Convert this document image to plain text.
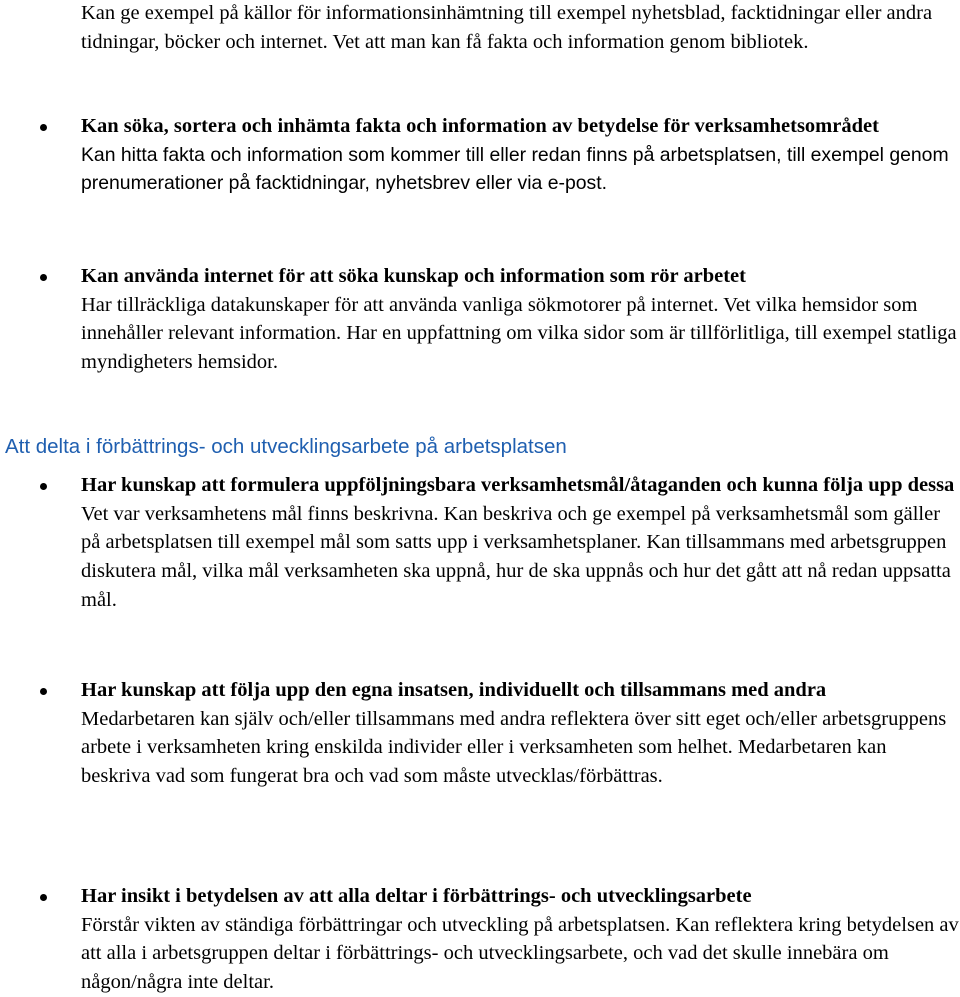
Kan ge exempel på källor för informationsinhämtning till exempel nyhetsblad, facktidningar eller andra tidningar, böcker och internet. Vet att man kan få fakta och information genom bibliotek.

Kan söka, sortera och inhämta fakta och information av betydelse för verksamhetsområdet

Kan hitta fakta och information som kommer till eller redan finns på arbetsplatsen, till exempel genom prenumerationer på facktidningar, nyhetsbrev eller via e-post.

Kan använda internet för att söka kunskap och information som rör arbetet

Har tillräckliga datakunskaper för att använda vanliga sökmotorer på internet. Vet vilka hemsidor som innehåller relevant information. Har en uppfattning om vilka sidor som är tillförlitliga, till exempel statliga myndigheters hemsidor.

Att delta i förbättrings- och utvecklingsarbete på arbetsplatsen

Har kunskap att formulera uppföljningsbara verksamhetsmål/åtaganden och kunna följa upp dessa

Vet var verksamhetens mål finns beskrivna. Kan beskriva och ge exempel på verksamhetsmål som gäller på arbetsplatsen till exempel mål som satts upp i verksamhetsplaner. Kan tillsammans med arbetsgruppen diskutera mål, vilka mål verksamheten ska uppnå, hur de ska uppnås och hur det gått att nå redan uppsatta mål.

Har kunskap att följa upp den egna insatsen, individuellt och tillsammans med andra

Medarbetaren kan själv och/eller tillsammans med andra reflektera över sitt eget och/eller arbetsgruppens arbete i verksamheten kring enskilda individer eller i verksamheten som helhet. Medarbetaren kan beskriva vad som fungerat bra och vad som måste utvecklas/förbättras.

Har insikt i betydelsen av att alla deltar i förbättrings- och utvecklingsarbete

Förstår vikten av ständiga förbättringar och utveckling på arbetsplatsen. Kan reflektera kring betydelsen av att alla i arbetsgruppen deltar i förbättrings- och utvecklingsarbete, och vad det skulle innebära om någon/några inte deltar.
